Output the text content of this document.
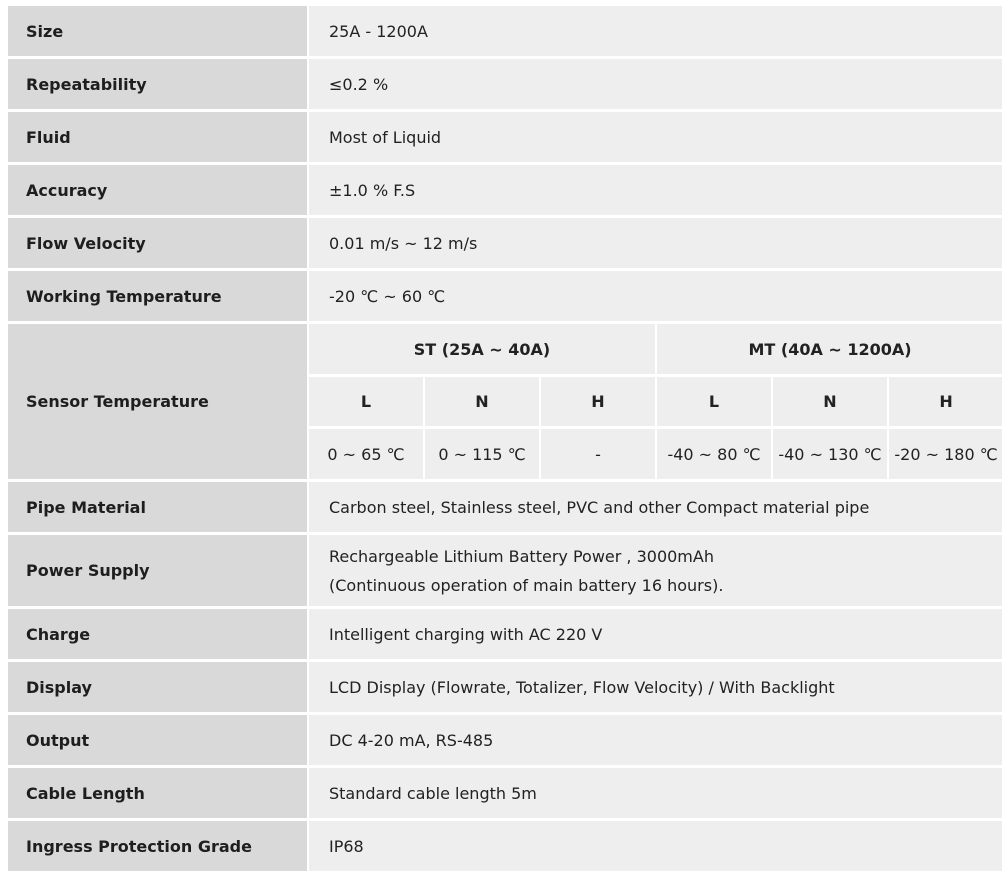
Size	25A - 1200A					
Repeatability	≤0.2 %					
Fluid	Most of Liquid					
Accuracy	±1.0 % F.S					
Flow Velocity	0.01 m/s ~ 12 m/s					
Working Temperature	-20 ℃ ~ 60 ℃					
Sensor Temperature	ST (25A ~ 40A)			MT (40A ~ 1200A)		
	L	N	H	L	N	H
	0 ~ 65 ℃	0 ~ 115 ℃	-	-40 ~ 80 ℃	-40 ~ 130 ℃	-20 ~ 180 ℃
Pipe Material	Carbon steel, Stainless steel, PVC and other Compact material pipe					
Power Supply	Rechargeable Lithium Battery Power , 3000mAh
(Continuous operation of main battery 16 hours).					

Charge	Intelligent charging with AC 220 V					
Display	LCD Display (Flowrate, Totalizer, Flow Velocity) / With Backlight					
Output	DC 4-20 mA, RS-485					
Cable Length	Standard cable length 5m					
Ingress Protection Grade	IP68					
